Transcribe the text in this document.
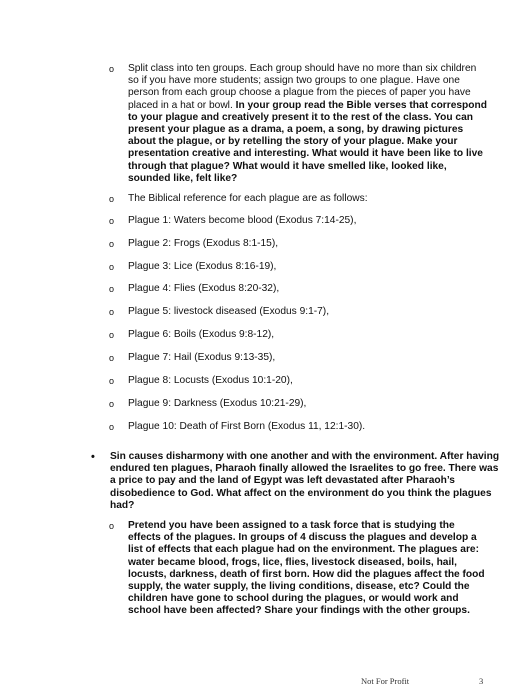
o Split class into ten groups. Each group should have no more than six children so if you have more students; assign two groups to one plague. Have one person from each group choose a plague from the pieces of paper you have placed in a hat or bowl. In your group read the Bible verses that correspond to your plague and creatively present it to the rest of the class. You can present your plague as a drama, a poem, a song, by drawing pictures about the plague, or by retelling the story of your plague. Make your presentation creative and interesting. What would it have been like to live through that plague? What would it have smelled like, looked like, sounded like, felt like?
o The Biblical reference for each plague are as follows:
o Plague 1: Waters become blood (Exodus 7:14-25),
o Plague 2: Frogs (Exodus 8:1-15),
o Plague 3: Lice (Exodus 8:16-19),
o Plague 4: Flies (Exodus 8:20-32),
o Plague 5: livestock diseased (Exodus 9:1-7),
o Plague 6: Boils (Exodus 9:8-12),
o Plague 7: Hail (Exodus 9:13-35),
o Plague 8: Locusts (Exodus 10:1-20),
o Plague 9: Darkness (Exodus 10:21-29),
o Plague 10: Death of First Born (Exodus 11, 12:1-30).
• Sin causes disharmony with one another and with the environment. After having endured ten plagues, Pharaoh finally allowed the Israelites to go free. There was a price to pay and the land of Egypt was left devastated after Pharaoh’s disobedience to God. What affect on the environment do you think the plagues had?
o Pretend you have been assigned to a task force that is studying the effects of the plagues. In groups of 4 discuss the plagues and develop a list of effects that each plague had on the environment. The plagues are: water became blood, frogs, lice, flies, livestock diseased, boils, hail, locusts, darkness, death of first born. How did the plagues affect the food supply, the water supply, the living conditions, disease, etc? Could the children have gone to school during the plagues, or would work and school have been affected? Share your findings with the other groups.
Not For Profit	3
